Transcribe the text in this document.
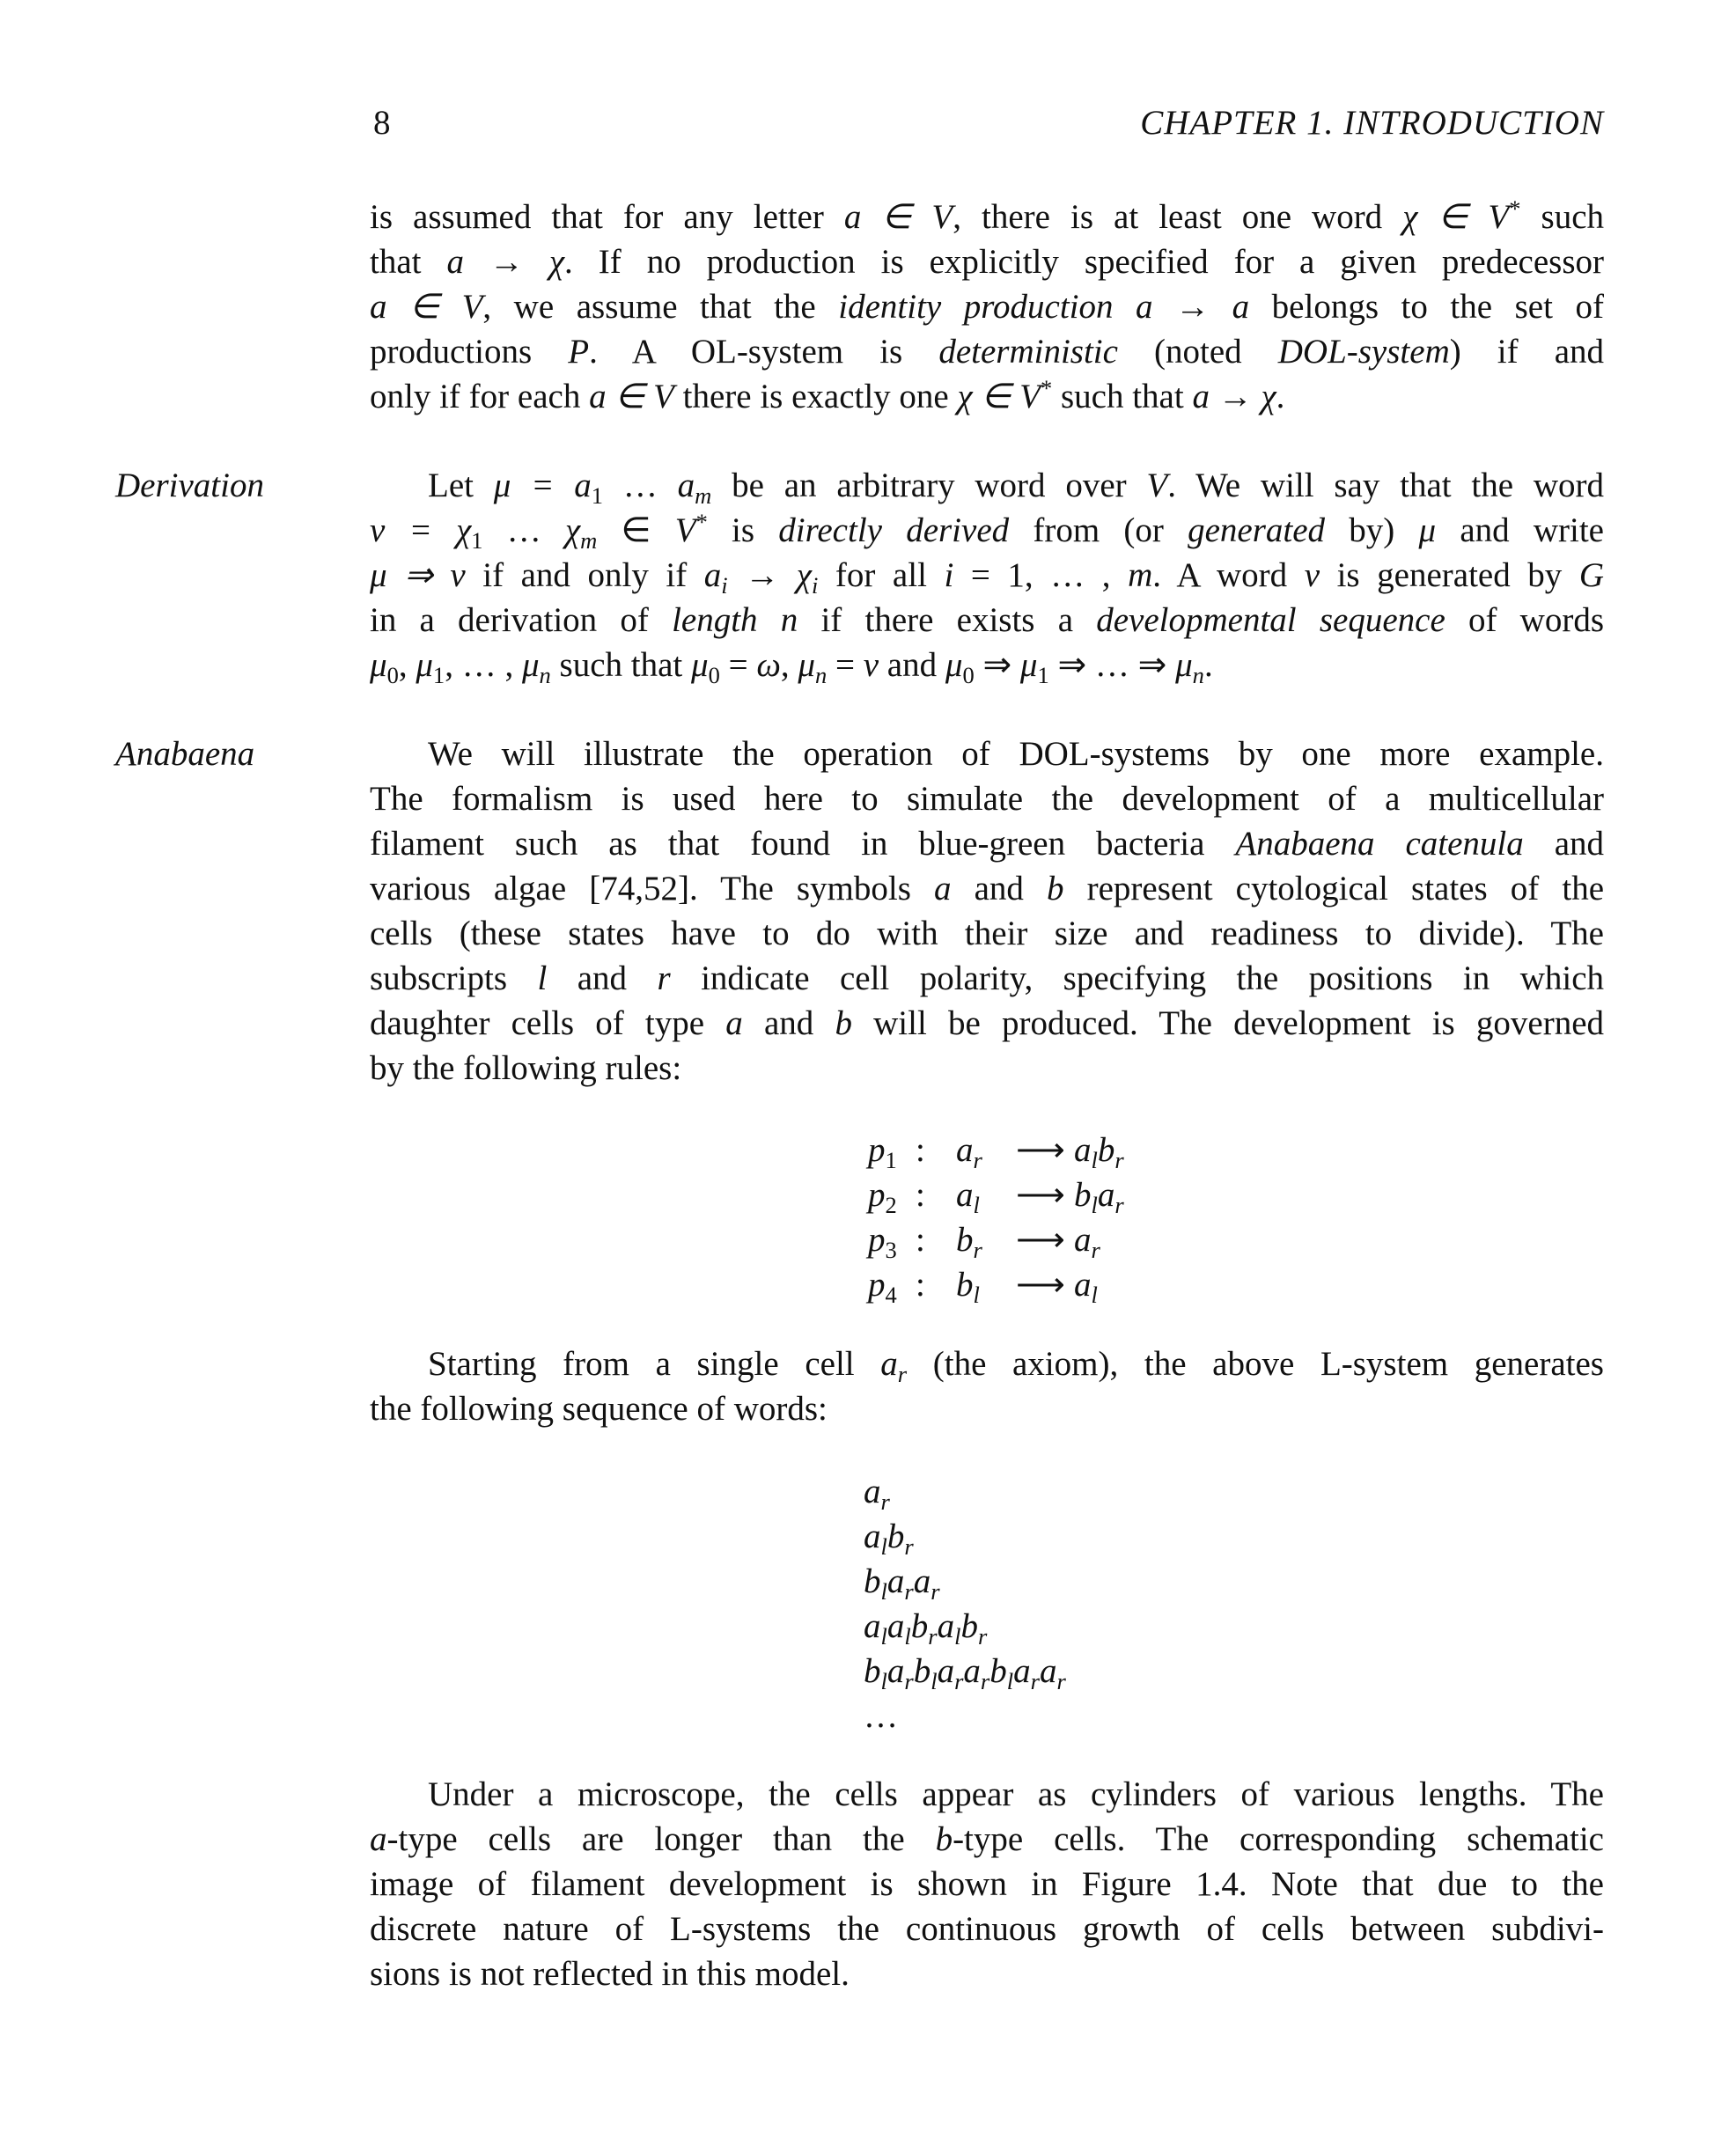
8	CHAPTER 1. INTRODUCTION
Derivation
Anabaena
is assumed that for any letter a ∈ V, there is at least one word χ ∈ V* such
that a → χ. If no production is explicitly specified for a given predecessor
a ∈ V, we assume that the identity production a → a belongs to the set of
productions P. A OL-system is deterministic (noted DOL-system) if and
only if for each a ∈ V there is exactly one χ ∈ V* such that a → χ.
Let $\mu = a_1$ … $a_m$ be an arbitrary word over V. We will say that the word
$\nu = \chi_1$ … $\chi_m$ ∈ V* is directly derived from (or generated by) μ and write
μ ⇒ ν if and only if $a_i \to \chi_i$ for all i = 1, … , m. A word ν is generated by G
in a derivation of length n if there exists a developmental sequence of words
$\mu_0$, $\mu_1$, … , $\mu_n$ such that $\mu_0 = \omega$, $\mu_n = \nu$ and $\mu_0$ ⇒ $\mu_1$ ⇒ … ⇒ $\mu_n$.
We will illustrate the operation of DOL-systems by one more example.
The formalism is used here to simulate the development of a multicellular
filament such as that found in blue-green bacteria Anabaena catenula and
various algae [74,52]. The symbols a and b represent cytological states of the
cells (these states have to do with their size and readiness to divide). The
subscripts l and r indicate cell polarity, specifying the positions in which
daughter cells of type a and b will be produced. The development is governed
by the following rules:
$p_1$ : $a_r$ ⟶ $a_lb_r$
$p_2$ : $a_l$ ⟶ $b_la_r$
$p_3$ : $b_r$ ⟶ $a_r$
$p_4$ : $b_l$ ⟶ $a_l$
Starting from a single cell $a_r$ (the axiom), the above L-system generates
the following sequence of words:
$a_r$
$a_lb_r$
$b_la_ra_r$
$a_la_lb_ra_lb_r$
$b_la_rb_la_ra_rb_la_ra_r$
…
Under a microscope, the cells appear as cylinders of various lengths. The
a-type cells are longer than the b-type cells. The corresponding schematic
image of filament development is shown in Figure 1.4. Note that due to the
discrete nature of L-systems the continuous growth of cells between subdivi-
sions is not reflected in this model.
